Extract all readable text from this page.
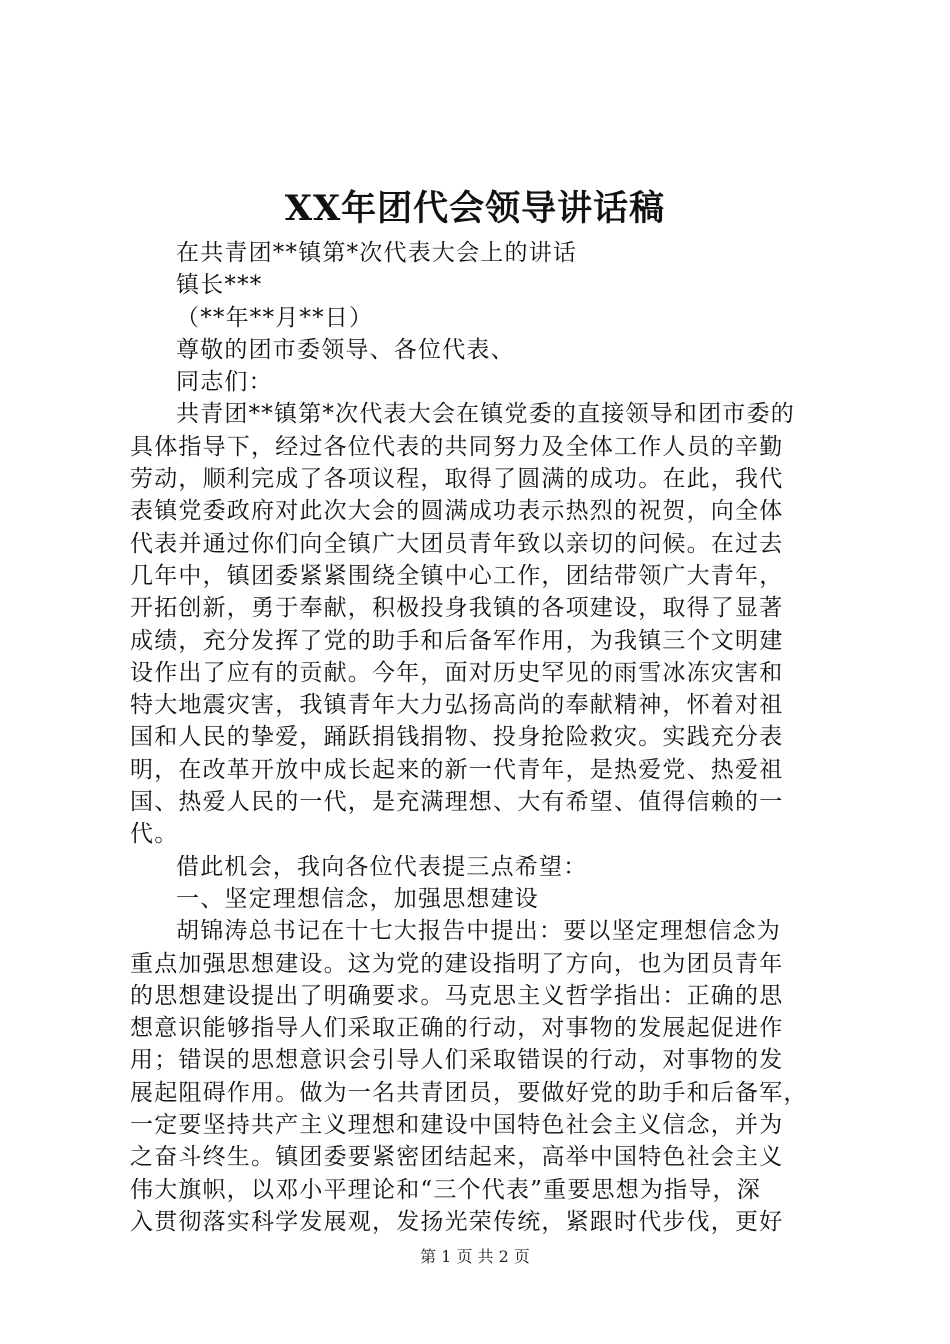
XX年团代会领导讲话稿
在共青团**镇第*次代表大会上的讲话
镇长***
（**年**月**日）
尊敬的团市委领导、各位代表、
同志们：
共青团**镇第*次代表大会在镇党委的直接领导和团市委的
具体指导下，经过各位代表的共同努力及全体工作人员的辛勤
劳动，顺利完成了各项议程，取得了圆满的成功。在此，我代
表镇党委政府对此次大会的圆满成功表示热烈的祝贺，向全体
代表并通过你们向全镇广大团员青年致以亲切的问候。在过去
几年中，镇团委紧紧围绕全镇中心工作，团结带领广大青年，
开拓创新，勇于奉献，积极投身我镇的各项建设，取得了显著
成绩，充分发挥了党的助手和后备军作用，为我镇三个文明建
设作出了应有的贡献。今年，面对历史罕见的雨雪冰冻灾害和
特大地震灾害，我镇青年大力弘扬高尚的奉献精神，怀着对祖
国和人民的挚爱，踊跃捐钱捐物、投身抢险救灾。实践充分表
明，在改革开放中成长起来的新一代青年，是热爱党、热爱祖
国、热爱人民的一代，是充满理想、大有希望、值得信赖的一
代。
借此机会，我向各位代表提三点希望：
一、坚定理想信念，加强思想建设
胡锦涛总书记在十七大报告中提出：要以坚定理想信念为
重点加强思想建设。这为党的建设指明了方向，也为团员青年
的思想建设提出了明确要求。马克思主义哲学指出：正确的思
想意识能够指导人们采取正确的行动，对事物的发展起促进作
用；错误的思想意识会引导人们采取错误的行动，对事物的发
展起阻碍作用。做为一名共青团员，要做好党的助手和后备军，
一定要坚持共产主义理想和建设中国特色社会主义信念，并为
之奋斗终生。镇团委要紧密团结起来，高举中国特色社会主义
伟大旗帜，以邓小平理论和“三个代表”重要思想为指导，深
入贯彻落实科学发展观，发扬光荣传统，紧跟时代步伐，更好
第 1 页 共 2 页
